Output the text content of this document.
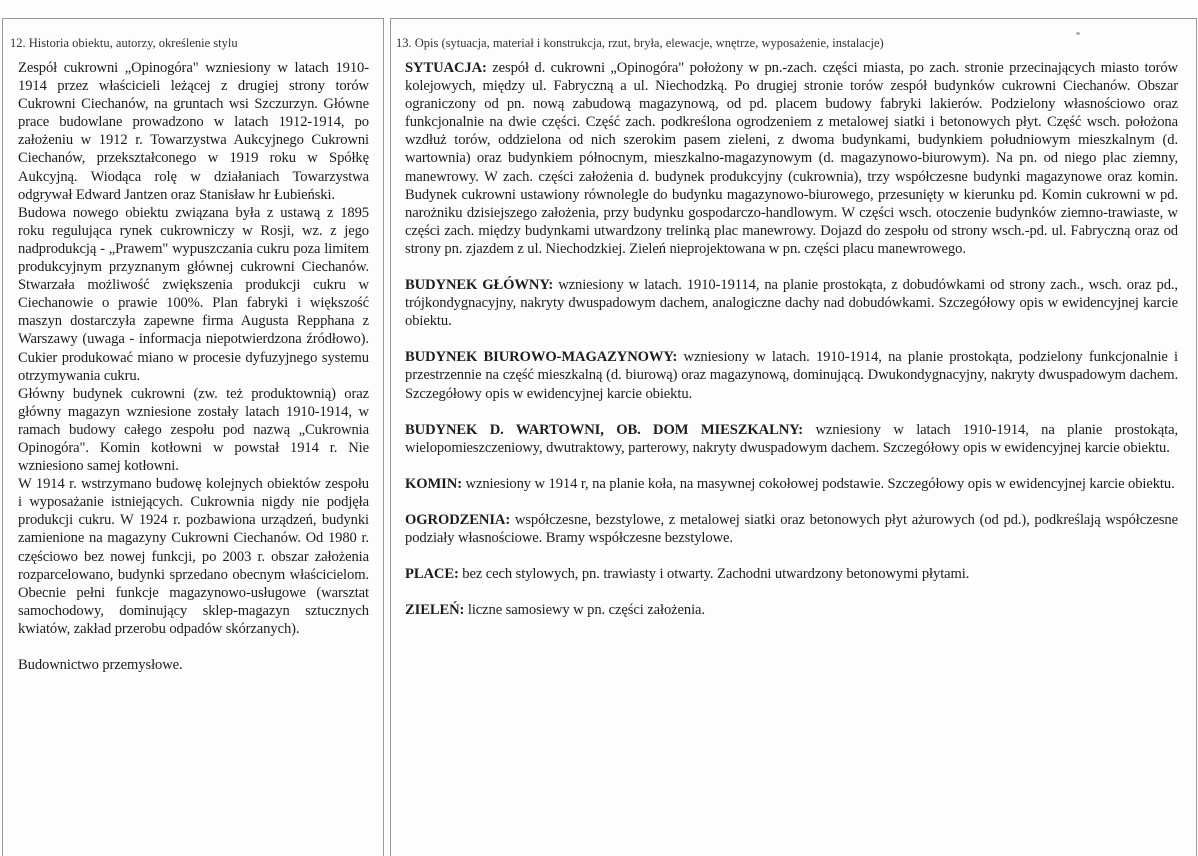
12. Historia obiektu, autorzy, określenie stylu	13. Opis (sytuacja, materiał i konstrukcja, rzut, bryła, elewacje, wnętrze, wyposażenie, instalacje)

Zespół cukrowni „Opinogóra" wzniesiony w latach 1910-1914 przez właścicieli leżącej z drugiej strony torów Cukrowni Ciechanów, na gruntach wsi Szczurzyn. Główne prace budowlane prowadzono w latach 1912-1914, po założeniu w 1912 r. Towarzystwa Aukcyjnego Cukrowni Ciechanów, przekształconego w 1919 roku w Spółkę Aukcyjną. Wiodąca rolę w działaniach Towarzystwa odgrywał Edward Jantzen oraz Stanisław hr Łubieński.

Budowa nowego obiektu związana była z ustawą z 1895 roku regulująca rynek cukrowniczy w Rosji, wz. z jego nadprodukcją - „Prawem" wypuszczania cukru poza limitem produkcyjnym przyznanym głównej cukrowni Ciechanów. Stwarzała możliwość zwiększenia produkcji cukru w Ciechanowie o prawie 100%. Plan fabryki i większość maszyn dostarczyła zapewne firma Augusta Repphana z Warszawy (uwaga - informacja niepotwierdzona źródłowo). Cukier produkować miano w procesie dyfuzyjnego systemu otrzymywania cukru.

Główny budynek cukrowni (zw. też produktownią) oraz główny magazyn wzniesione zostały latach 1910-1914, w ramach budowy całego zespołu pod nazwą „Cukrownia Opinogóra". Komin kotłowni w powstał 1914 r. Nie wzniesiono samej kotłowni.

W 1914 r. wstrzymano budowę kolejnych obiektów zespołu i wyposażanie istniejących. Cukrownia nigdy nie podjęła produkcji cukru. W 1924 r. pozbawiona urządzeń, budynki zamienione na magazyny Cukrowni Ciechanów. Od 1980 r. częściowo bez nowej funkcji, po 2003 r. obszar założenia rozparcelowano, budynki sprzedano obecnym właścicielom. Obecnie pełni funkcje magazynowo-usługowe (warsztat samochodowy, dominujący sklep-magazyn sztucznych kwiatów, zakład przerobu odpadów skórzanych).

Budownictwo przemysłowe.

SYTUACJA: zespół d. cukrowni „Opinogóra" położony w pn.-zach. części miasta, po zach. stronie przecinających miasto torów kolejowych, między ul. Fabryczną a ul. Niechodzką. Po drugiej stronie torów zespół budynków cukrowni Ciechanów. Obszar ograniczony od pn. nową zabudową magazynową, od pd. placem budowy fabryki lakierów. Podzielony własnościowo oraz funkcjonalnie na dwie części. Część zach. podkreślona ogrodzeniem z metalowej siatki i betonowych płyt. Część wsch. położona wzdłuż torów, oddzielona od nich szerokim pasem zieleni, z dwoma budynkami, budynkiem południowym mieszkalnym (d. wartownia) oraz budynkiem północnym, mieszkalno-magazynowym (d. magazynowo-biurowym). Na pn. od niego plac ziemny, manewrowy. W zach. części założenia d. budynek produkcyjny (cukrownia), trzy współczesne budynki magazynowe oraz komin. Budynek cukrowni ustawiony równolegle do budynku magazynowo-biurowego, przesunięty w kierunku pd. Komin cukrowni w pd. narożniku dzisiejszego założenia, przy budynku gospodarczo-handlowym. W części wsch. otoczenie budynków ziemno-trawiaste, w części zach. między budynkami utwardzony trelinką plac manewrowy. Dojazd do zespołu od strony wsch.-pd. ul. Fabryczną oraz od strony pn. zjazdem z ul. Niechodzkiej. Zieleń nieprojektowana w pn. części placu manewrowego.

BUDYNEK GŁÓWNY: wzniesiony w latach. 1910-19114, na planie prostokąta, z dobudówkami od strony zach., wsch. oraz pd., trójkondygnacyjny, nakryty dwuspadowym dachem, analogiczne dachy nad dobudówkami. Szczegółowy opis w ewidencyjnej karcie obiektu.

BUDYNEK BIUROWO-MAGAZYNOWY: wzniesiony w latach. 1910-1914, na planie prostokąta, podzielony funkcjonalnie i przestrzennie na część mieszkalną (d. biurową) oraz magazynową, dominującą. Dwukondygnacyjny, nakryty dwuspadowym dachem. Szczegółowy opis w ewidencyjnej karcie obiektu.

BUDYNEK D. WARTOWNI, OB. DOM MIESZKALNY: wzniesiony w latach 1910-1914, na planie prostokąta, wielopomieszczeniowy, dwutraktowy, parterowy, nakryty dwuspadowym dachem. Szczegółowy opis w ewidencyjnej karcie obiektu.

KOMIN: wzniesiony w 1914 r, na planie koła, na masywnej cokołowej podstawie. Szczegółowy opis w ewidencyjnej karcie obiektu.

OGRODZENIA: współczesne, bezstylowe, z metalowej siatki oraz betonowych płyt ażurowych (od pd.), podkreślają współczesne podziały własnościowe. Bramy współczesne bezstylowe.

PLACE: bez cech stylowych, pn. trawiasty i otwarty. Zachodni utwardzony betonowymi płytami.

ZIELEŃ: liczne samosiewy w pn. części założenia.
